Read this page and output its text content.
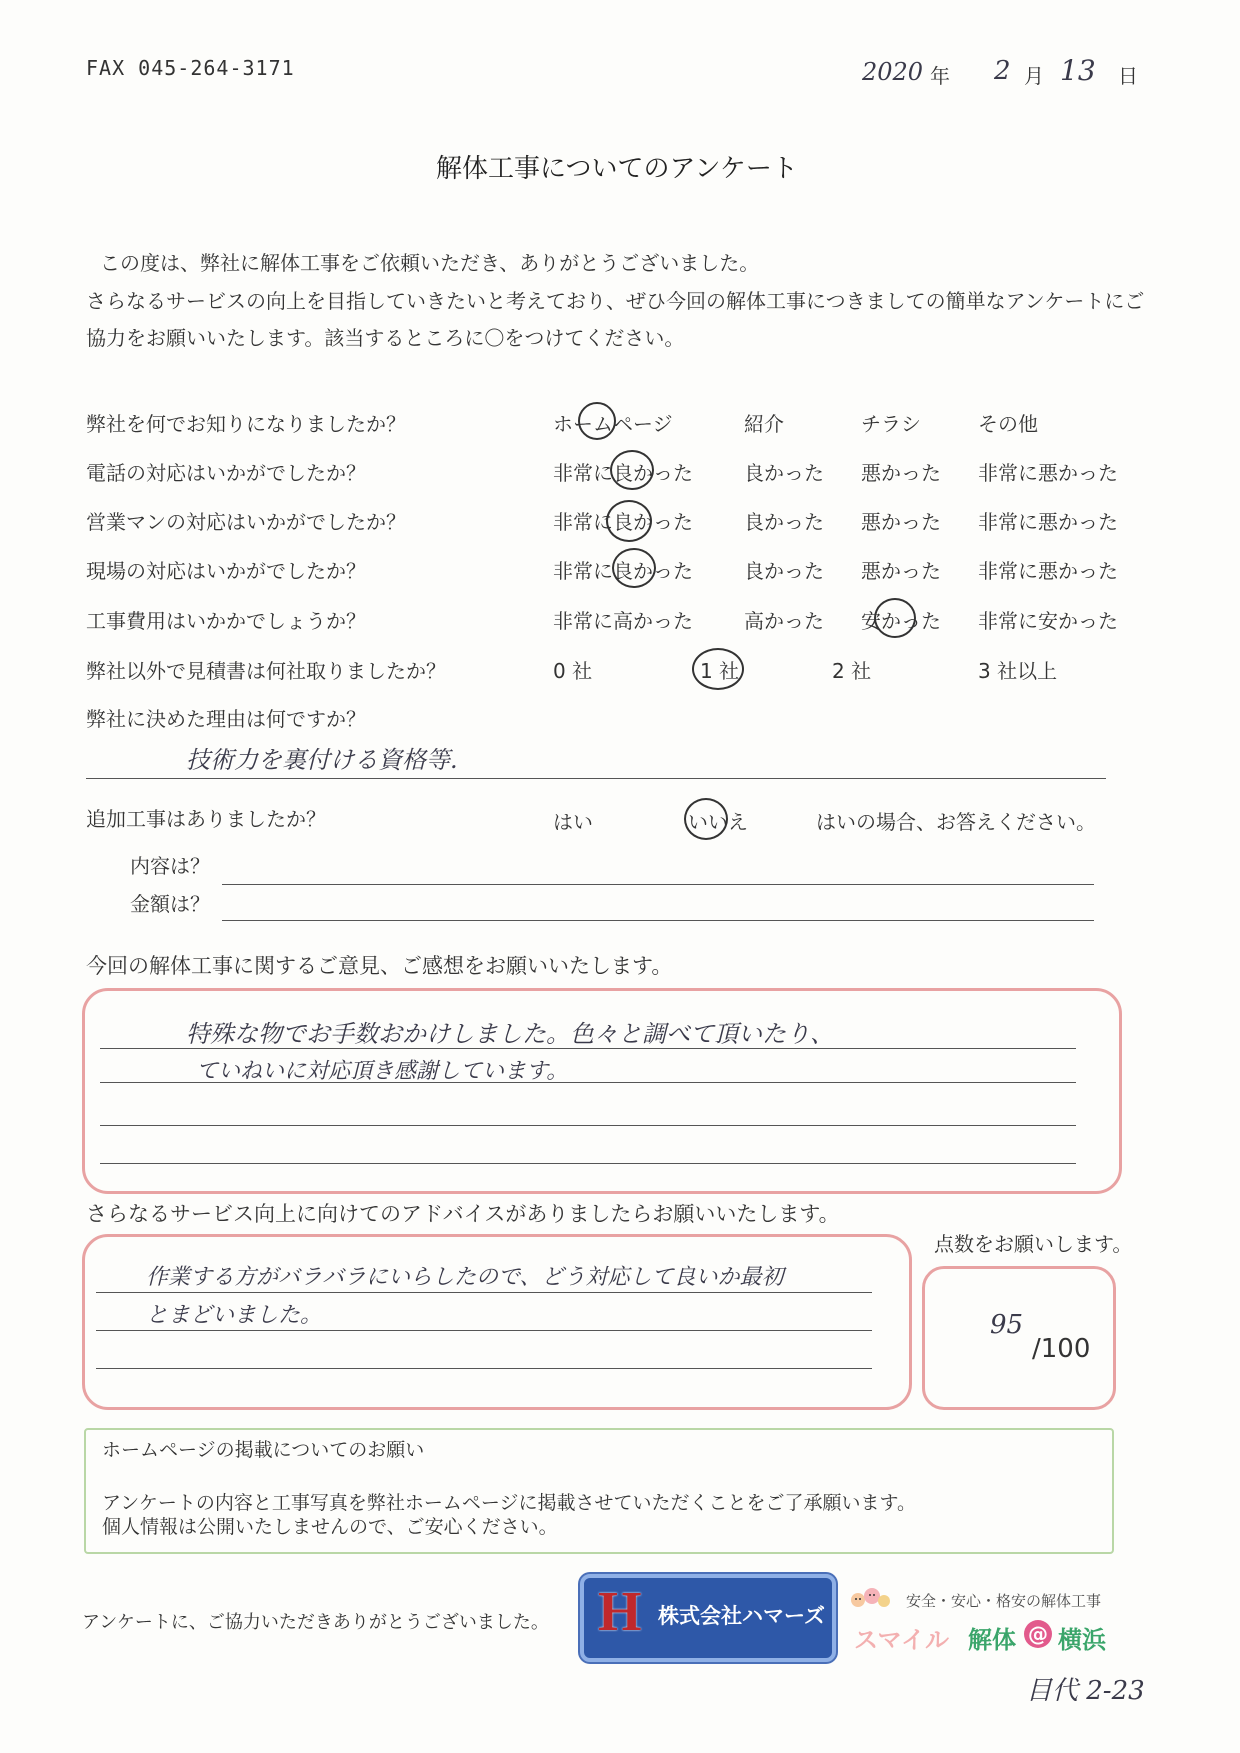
FAX 045-264-3171	2020 年 2 月 13 日
解体工事についてのアンケート
この度は、弊社に解体工事をご依頼いただき、ありがとうございました。
さらなるサービスの向上を目指していきたいと考えており、ぜひ今回の解体工事につきましての簡単なアンケートにご
協力をお願いいたします。該当するところに〇をつけてください。
弊社を何でお知りになりましたか？	ホームページ	紹介	チラシ	その他
電話の対応はいかがでしたか？	非常に良かった	良かった 悪かった 非常に悪かった
営業マンの対応はいかがでしたか？	非常に良かった	良かった 悪かった 非常に悪かった
現場の対応はいかがでしたか？	非常に良かった	良かった 悪かった 非常に悪かった
工事費用はいかかでしょうか？	非常に高かった	高かった 安かった 非常に安かった
弊社以外で見積書は何社取りましたか？	0 社	1 社	2 社	3 社以上
弊社に決めた理由は何ですか？
技術力を裏付ける資格等.
追加工事はありましたか？	はい	いいえ	はいの場合、お答えください。
内容は？
金額は？
今回の解体工事に関するご意見、ご感想をお願いいたします。
特殊な物でお手数おかけしました。色々と調べて頂いたり、
ていねいに対応頂き感謝しています。
さらなるサービス向上に向けてのアドバイスがありましたらお願いいたします。
作業する方がバラバラにいらしたので、どう対応して良いか最初
とまどいました。
点数をお願いします。
95
/100
ホームページの掲載についてのお願い
アンケートの内容と工事写真を弊社ホームページに掲載させていただくことをご了承願います。
個人情報は公開いたしませんので、ご安心ください。
アンケートに、ご協力いただきありがとうございました。 H 株式会社ハマーズ
安全・安心・格安の解体工事
スマイル 解体 @ 横浜
目代 2-23
